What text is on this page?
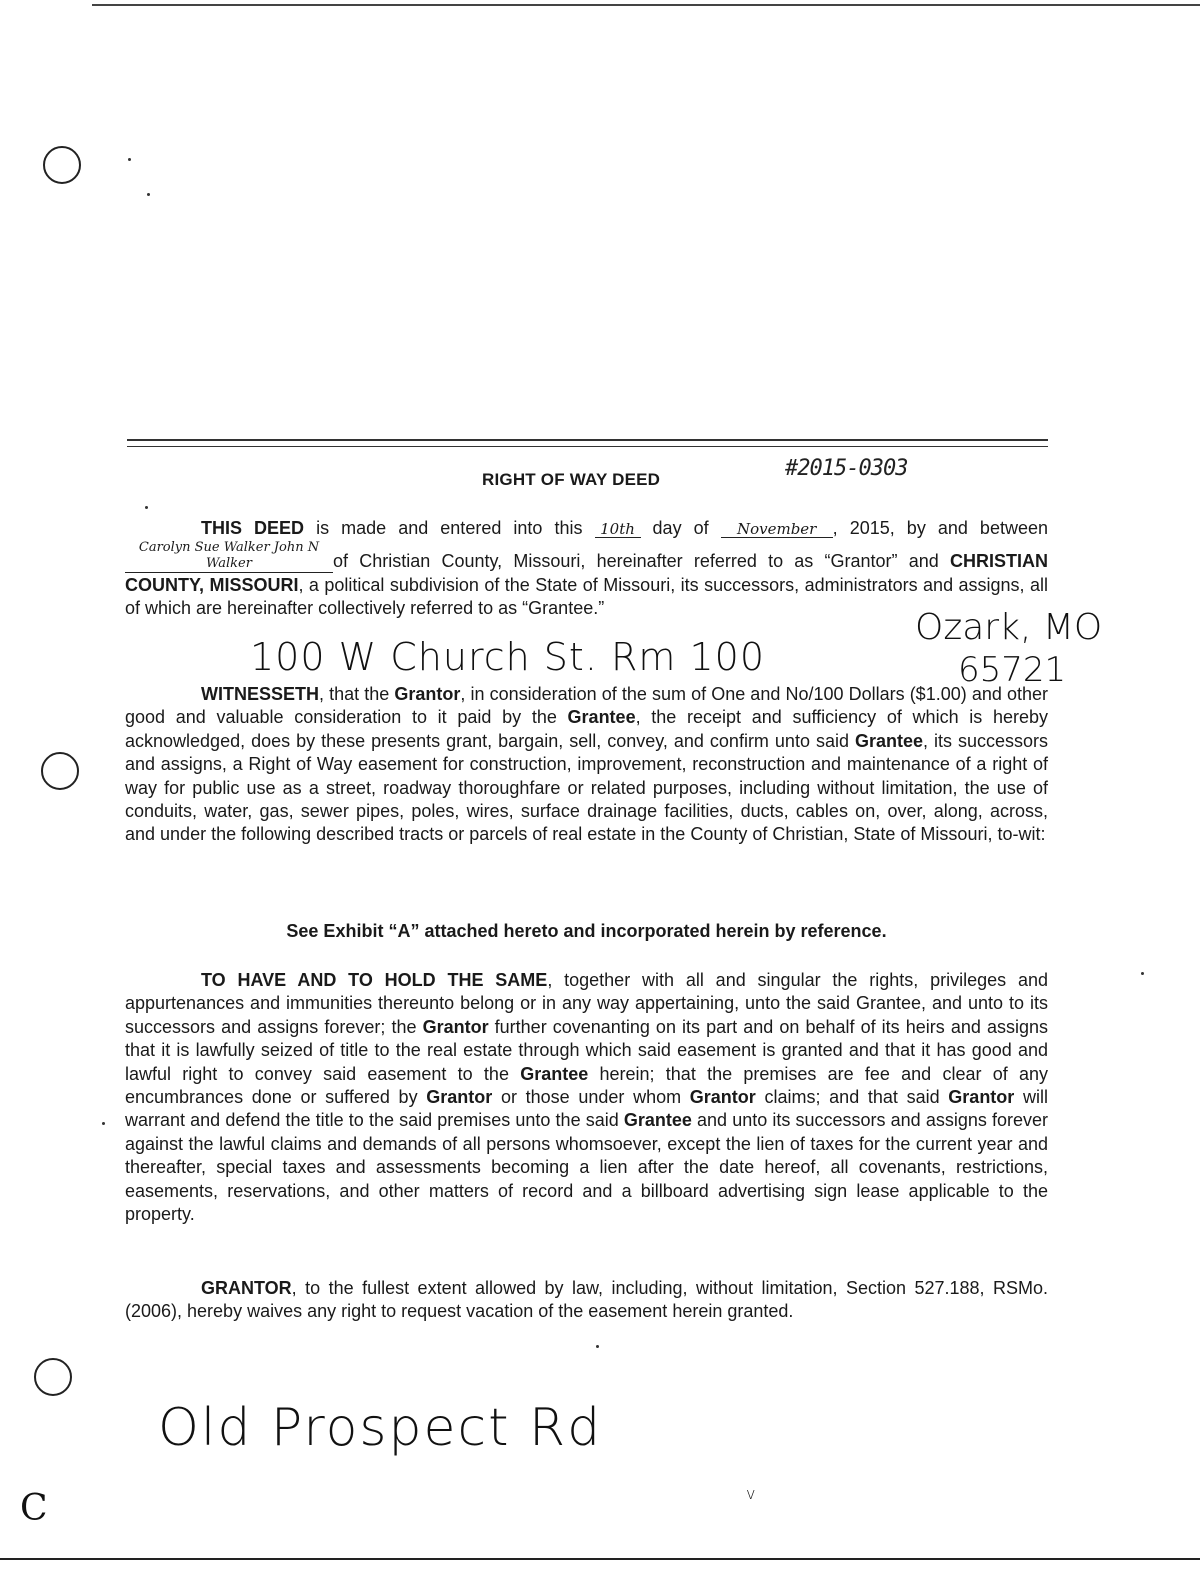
RIGHT OF WAY DEED	#2015-0303

THIS DEED is made and entered into this 10th day of November , 2015, by and between Carolyn Sue Walker John N Walker	of Christian County, Missouri, hereinafter referred to as “Grantor” and CHRISTIAN COUNTY, MISSOURI, a political subdivision of the State of Missouri, its successors, administrators and assigns, all of which are hereinafter collectively referred to as “Grantee.”

100 W Church St. Rm 100
Ozark, MO
65721

WITNESSETH, that the Grantor, in consideration of the sum of One and No/100 Dollars ($1.00) and other good and valuable consideration to it paid by the Grantee, the receipt and sufficiency of which is hereby acknowledged, does by these presents grant, bargain, sell, convey, and confirm unto said Grantee, its successors and assigns, a Right of Way easement for construction, improvement, reconstruction and maintenance of a right of way for public use as a street, roadway thoroughfare or related purposes, including without limitation, the use of conduits, water, gas, sewer pipes, poles, wires, surface drainage facilities, ducts, cables on, over, along, across, and under the following described tracts or parcels of real estate in the County of Christian, State of Missouri, to-wit:

See Exhibit “A” attached hereto and incorporated herein by reference.

TO HAVE AND TO HOLD THE SAME, together with all and singular the rights, privileges and appurtenances and immunities thereunto belong or in any way appertaining, unto the said Grantee, and unto to its successors and assigns forever; the Grantor further covenanting on its part and on behalf of its heirs and assigns that it is lawfully seized of title to the real estate through which said easement is granted and that it has good and lawful right to convey said easement to the Grantee herein; that the premises are fee and clear of any encumbrances done or suffered by Grantor or those under whom Grantor claims; and that said Grantor will warrant and defend the title to the said premises unto the said Grantee and unto its successors and assigns forever against the lawful claims and demands of all persons whomsoever, except the lien of taxes for the current year and thereafter, special taxes and assessments becoming a lien after the date hereof, all covenants, restrictions, easements, reservations, and other matters of record and a billboard advertising sign lease applicable to the property.

GRANTOR, to the fullest extent allowed by law, including, without limitation, Section 527.188, RSMo. (2006), hereby waives any right to request vacation of the easement herein granted.

Old Prospect Rd
C	v
